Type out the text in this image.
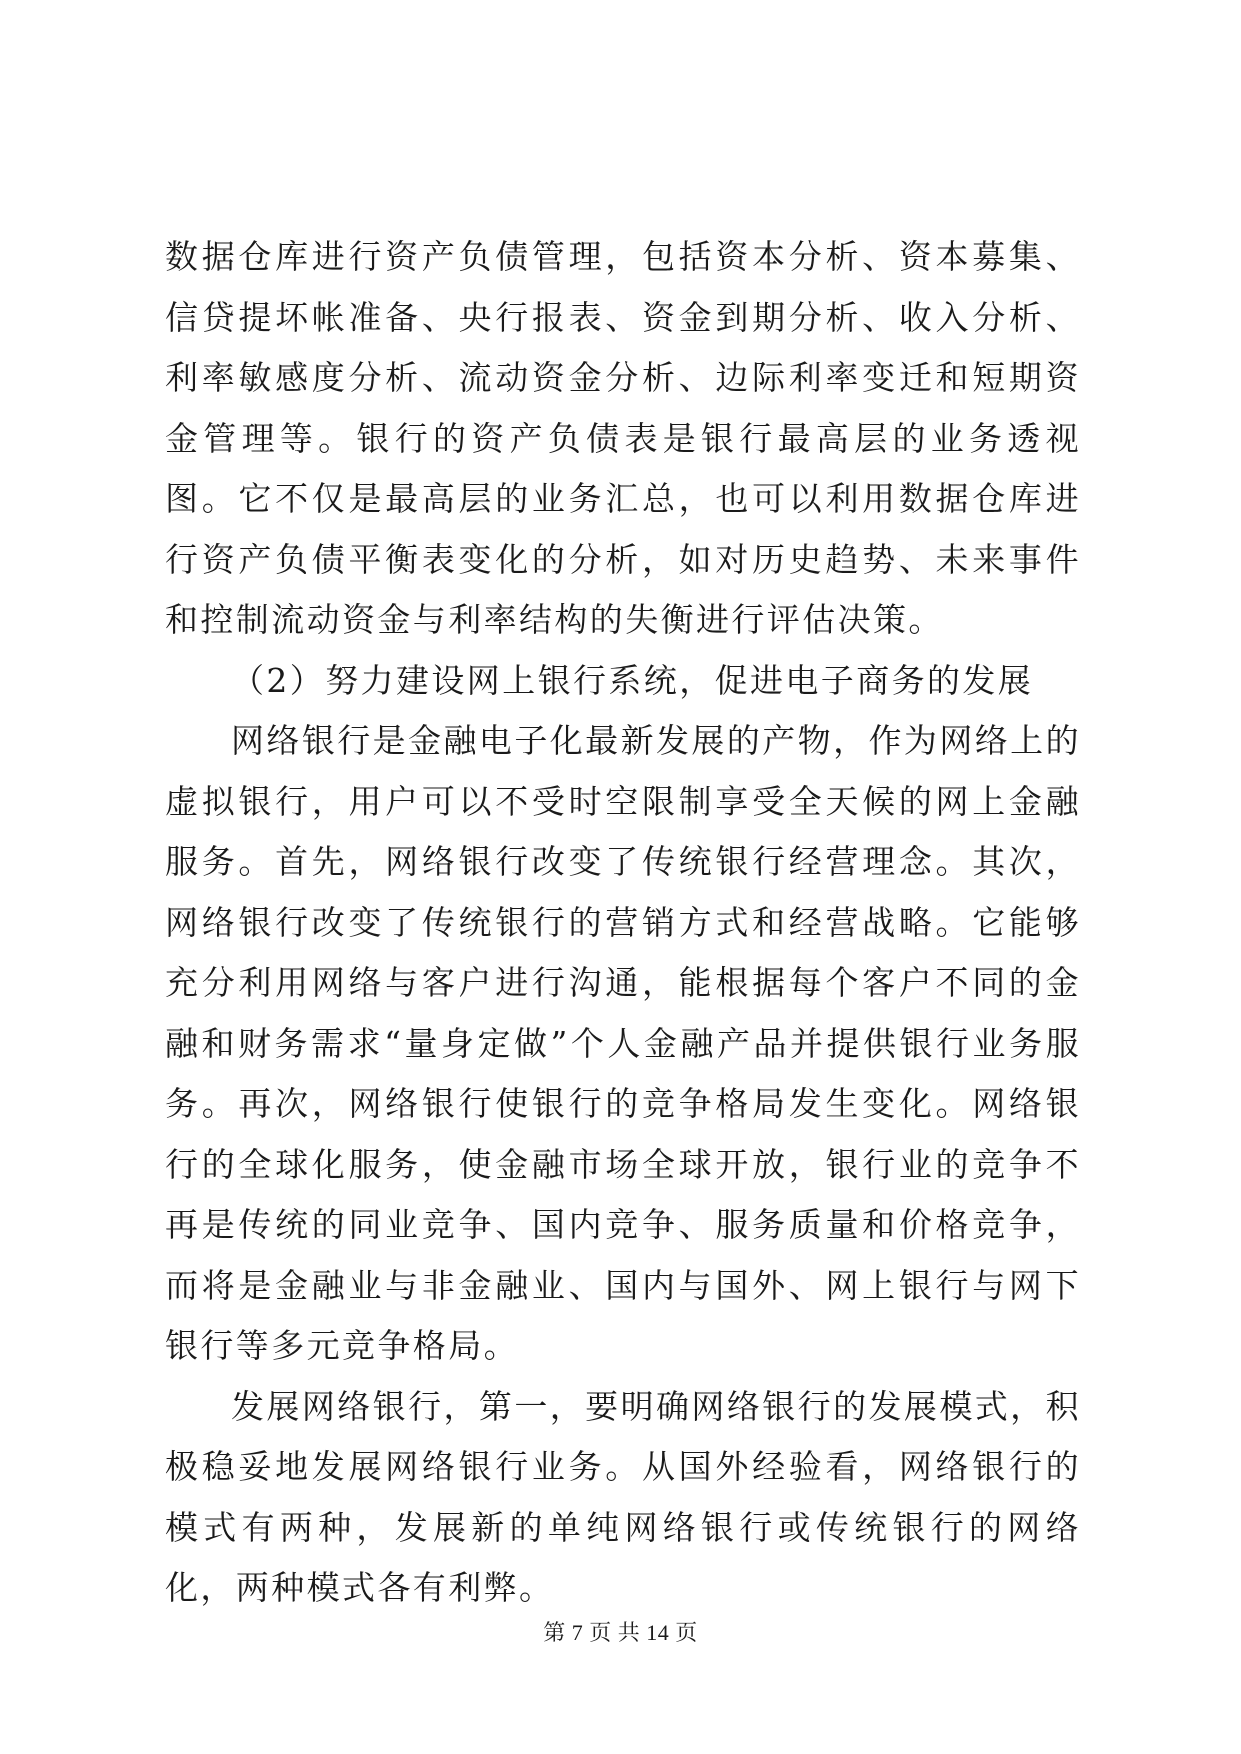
数据仓库进行资产负债管理，包括资本分析、资本募集、信贷提坏帐准备、央行报表、资金到期分析、收入分析、利率敏感度分析、流动资金分析、边际利率变迁和短期资金管理等。银行的资产负债表是银行最高层的业务透视图。它不仅是最高层的业务汇总，也可以利用数据仓库进行资产负债平衡表变化的分析，如对历史趋势、未来事件和控制流动资金与利率结构的失衡进行评估决策。

（2）努力建设网上银行系统，促进电子商务的发展

网络银行是金融电子化最新发展的产物，作为网络上的虚拟银行，用户可以不受时空限制享受全天候的网上金融服务。首先，网络银行改变了传统银行经营理念。其次，网络银行改变了传统银行的营销方式和经营战略。它能够充分利用网络与客户进行沟通，能根据每个客户不同的金融和财务需求“量身定做”个人金融产品并提供银行业务服务。再次，网络银行使银行的竞争格局发生变化。网络银行的全球化服务，使金融市场全球开放，银行业的竞争不再是传统的同业竞争、国内竞争、服务质量和价格竞争，而将是金融业与非金融业、国内与国外、网上银行与网下银行等多元竞争格局。

发展网络银行，第一，要明确网络银行的发展模式，积极稳妥地发展网络银行业务。从国外经验看，网络银行的模式有两种，发展新的单纯网络银行或传统银行的网络化，两种模式各有利弊。

第 7 页 共 14 页
